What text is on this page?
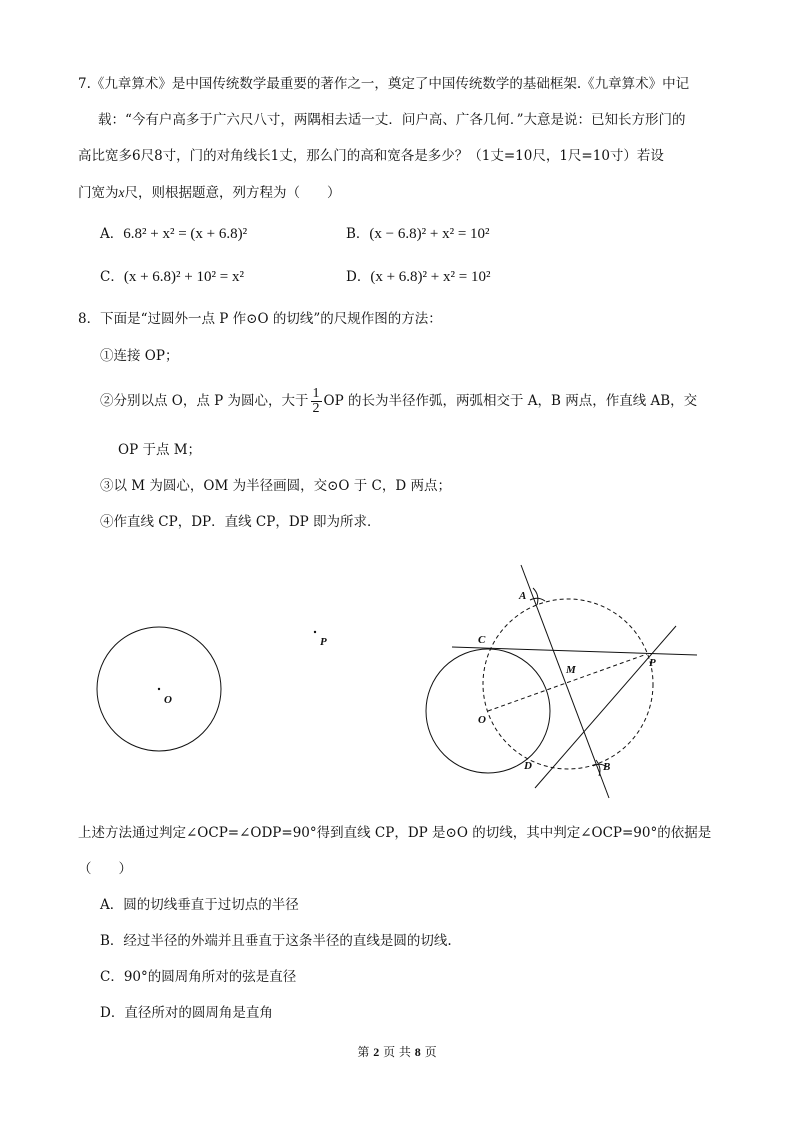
7.《九章算术》是中国传统数学最重要的著作之一，奠定了中国传统数学的基础框架.《九章算术》中记
载：“今有户高多于广六尺八寸，两隅相去适一丈．问户高、广各几何．”大意是说：已知长方形门的
高比宽多6尺8寸，门的对角线长1丈，那么门的高和宽各是多少？（1丈=10尺，1尺=10寸）若设
门宽为x尺，则根据题意，列方程为（　　）
A．6.8² + x² = (x + 6.8)²	B．(x − 6.8)² + x² = 10²
C．(x + 6.8)² + 10² = x²	D．(x + 6.8)² + x² = 10²
8．下面是“过圆外一点 P 作⊙O 的切线”的尺规作图的方法：
①连接 OP；
②分别以点 O，点 P 为圆心，大于 $\frac{1}{2}$ OP 的长为半径作弧，两弧相交于 A，B 两点，作直线 AB，交
OP 于点 M；
③以 M 为圆心，OM 为半径画圆，交⊙O 于 C，D 两点；
④作直线 CP，DP．直线 CP，DP 即为所求．
O
P
A
B
C
D
M
O
P
上述方法通过判定∠OCP=∠ODP=90°得到直线 CP，DP 是⊙O 的切线，其中判定∠OCP=90°的依据是
（　　）
A．圆的切线垂直于过切点的半径
B．经过半径的外端并且垂直于这条半径的直线是圆的切线.
C．90°的圆周角所对的弦是直径
D．直径所对的圆周角是直角
第 2 页 共 8 页
